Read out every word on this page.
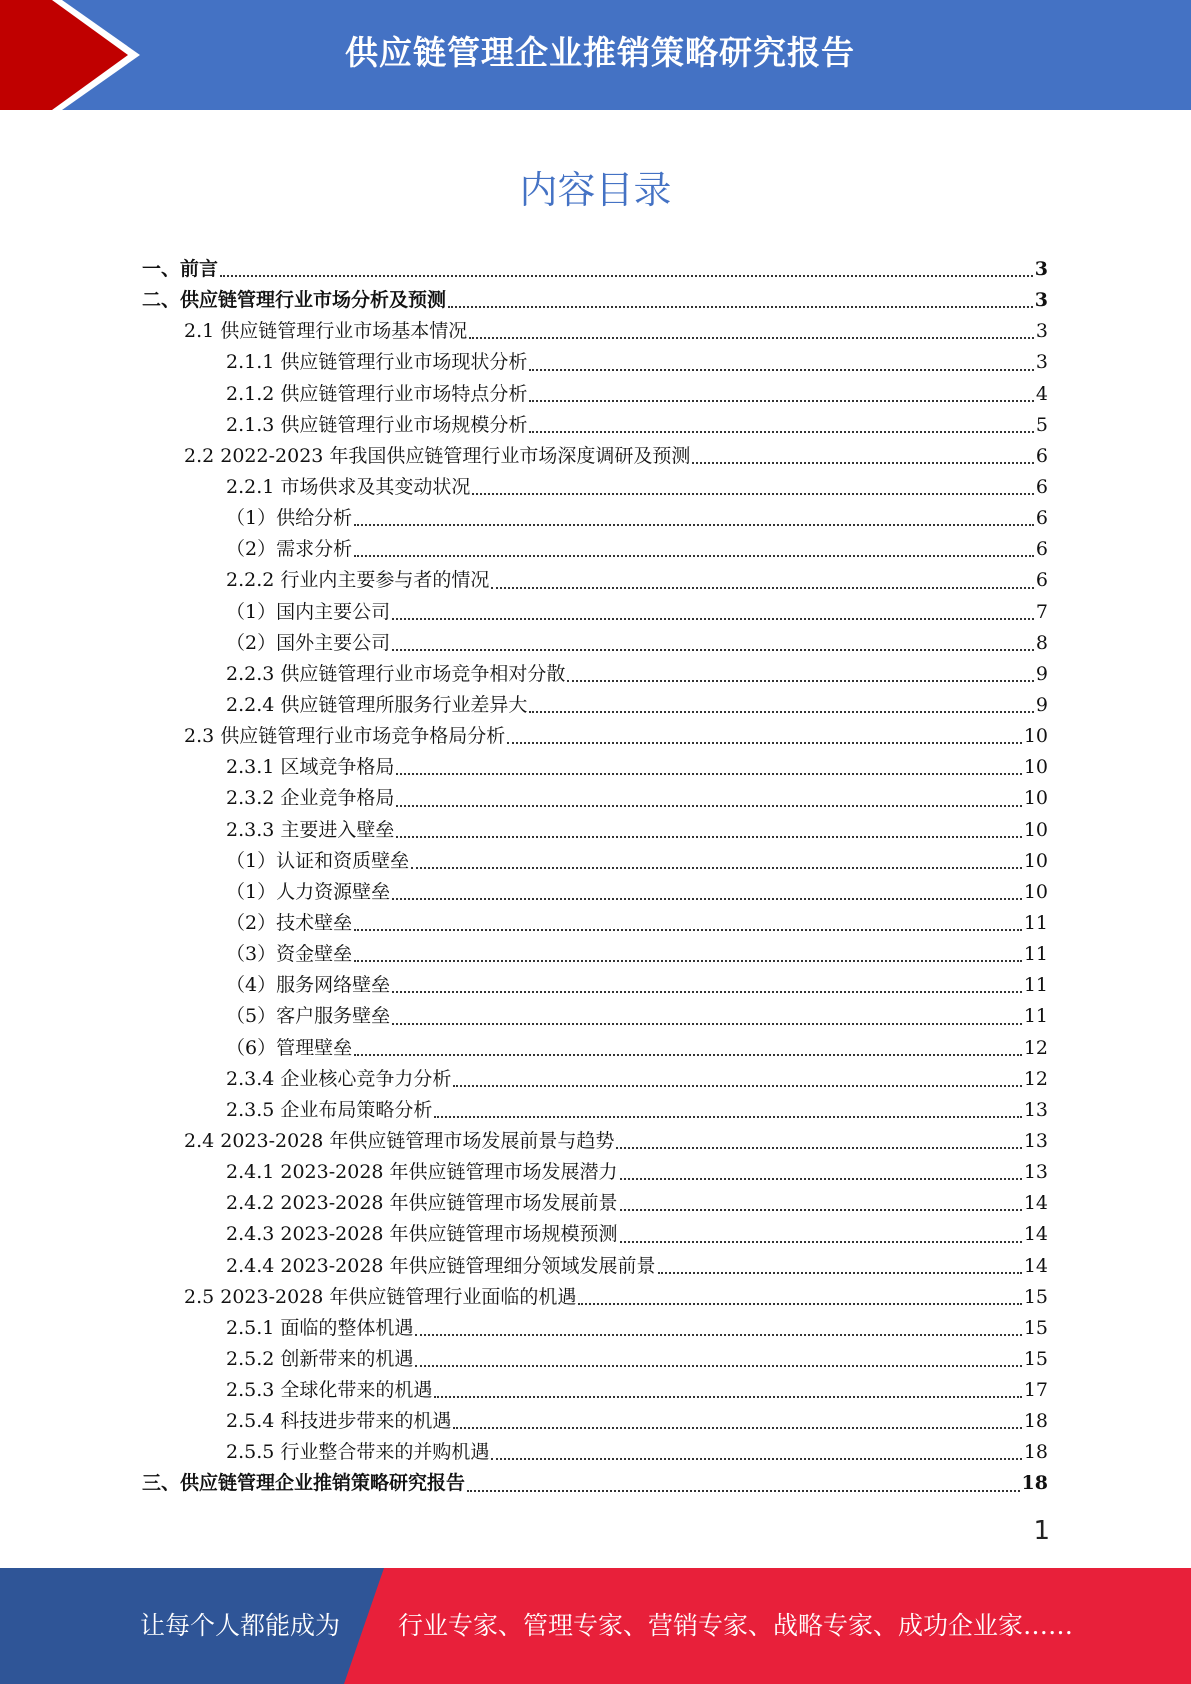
供应链管理企业推销策略研究报告
内容目录
一、前言	3
二、供应链管理行业市场分析及预测	3
2.1 供应链管理行业市场基本情况	3
2.1.1 供应链管理行业市场现状分析	3
2.1.2 供应链管理行业市场特点分析	4
2.1.3 供应链管理行业市场规模分析	5
2.2 2022-2023 年我国供应链管理行业市场深度调研及预测	6
2.2.1 市场供求及其变动状况	6
（1）供给分析	6
（2）需求分析	6
2.2.2 行业内主要参与者的情况	6
（1）国内主要公司	7
（2）国外主要公司	8
2.2.3 供应链管理行业市场竞争相对分散	9
2.2.4 供应链管理所服务行业差异大	9
2.3 供应链管理行业市场竞争格局分析	10
2.3.1 区域竞争格局	10
2.3.2 企业竞争格局	10
2.3.3 主要进入壁垒	10
（1）认证和资质壁垒	10
（1）人力资源壁垒	10
（2）技术壁垒	11
（3）资金壁垒	11
（4）服务网络壁垒	11
（5）客户服务壁垒	11
（6）管理壁垒	12
2.3.4 企业核心竞争力分析	12
2.3.5 企业布局策略分析	13
2.4 2023-2028 年供应链管理市场发展前景与趋势	13
2.4.1 2023-2028 年供应链管理市场发展潜力	13
2.4.2 2023-2028 年供应链管理市场发展前景	14
2.4.3 2023-2028 年供应链管理市场规模预测	14
2.4.4 2023-2028 年供应链管理细分领域发展前景	14
2.5 2023-2028 年供应链管理行业面临的机遇	15
2.5.1 面临的整体机遇	15
2.5.2 创新带来的机遇	15
2.5.3 全球化带来的机遇	17
2.5.4 科技进步带来的机遇	18
2.5.5 行业整合带来的并购机遇	18
三、供应链管理企业推销策略研究报告	18
1
让每个人都能成为 行业专家、管理专家、营销专家、战略专家、成功企业家……
